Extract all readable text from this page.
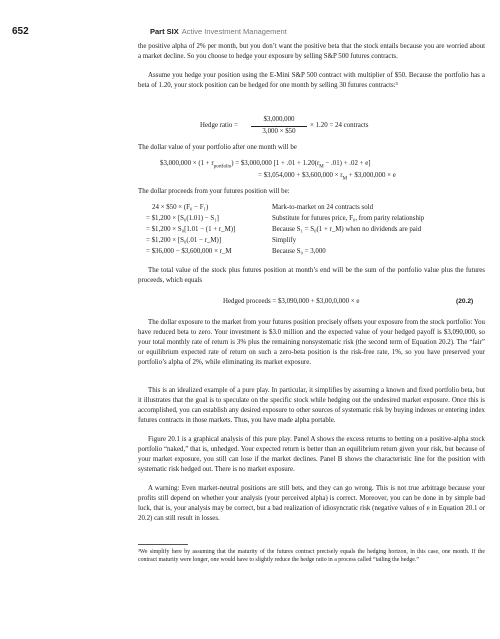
652	Part SIX Active Investment Management

the positive alpha of 2% per month, but you don’t want the positive beta that the stock entails because you are worried about a market decline. So you choose to hedge your exposure by selling S&P 500 futures contracts.

Assume you hedge your position using the E-Mini S&P 500 contract with multiplier of $50. Because the portfolio has a beta of 1.20, your stock position can be hedged for one month by selling 30 futures contracts:³

Hedge ratio =
$3,000,000
3,000 × $50
× 1.20 = 24 contracts

The dollar value of your portfolio after one month will be

$3,000,000 × $(1 + r_{portfolio})$ = $3,000,000 $[1 + .01 + 1.20(r_M - .01) + .02 + e]$
= $3,054,000 + $3,600,000 × $r_M$ + $3,000,000 × e

The dollar proceeds from your futures position will be:

24 × $50 × (F₀ − F₁)	Mark-to-market on 24 contracts sold
= $1,200 × [S₀(1.01) − S₁]	Substitute for futures price, F₀, from parity relationship
= $1,200 × S₀[1.01 − (1 + r_M)]	Because S₁ = S₀(1 + r_M) when no dividends are paid
= $1,200 × [S₀(.01 − r_M)]	Simplify
= $36,000 − $3,600,000 × r_M	Because S₀ = 3,000

The total value of the stock plus futures position at month’s end will be the sum of the portfolio value plus the futures proceeds, which equals

Hedged proceeds = $3,090,000 + $3,00,0,000 × e	(20.2)

The dollar exposure to the market from your futures position precisely offsets your exposure from the stock portfolio: You have reduced beta to zero. Your investment is $3.0 million and the expected value of your hedged payoff is $3,090,000, so your total monthly rate of return is 3% plus the remaining nonsystematic risk (the second term of Equation 20.2). The “fair” or equilibrium expected rate of return on such a zero-beta position is the risk-free rate, 1%, so you have preserved your portfolio’s alpha of 2%, while eliminating its market exposure.

This is an idealized example of a pure play. In particular, it simplifies by assuming a known and fixed portfolio beta, but it illustrates that the goal is to speculate on the specific stock while hedging out the undesired market exposure. Once this is accomplished, you can establish any desired exposure to other sources of systematic risk by buying indexes or entering index futures contracts in those markets. Thus, you have made alpha portable.

Figure 20.1 is a graphical analysis of this pure play. Panel A shows the excess returns to betting on a positive-alpha stock portfolio “naked,” that is, unhedged. Your expected return is better than an equilibrium return given your risk, but because of your market exposure, you still can lose if the market declines. Panel B shows the characteristic line for the position with systematic risk hedged out. There is no market exposure.

A warning: Even market-neutral positions are still bets, and they can go wrong. This is not true arbitrage because your profits still depend on whether your analysis (your perceived alpha) is correct. Moreover, you can be done in by simple bad luck, that is, your analysis may be correct, but a bad realization of idiosyncratic risk (negative values of e in Equation 20.1 or 20.2) can still result in losses.

³We simplify here by assuming that the maturity of the futures contract precisely equals the hedging horizon, in this case, one month. If the contract maturity were longer, one would have to slightly reduce the hedge ratio in a process called “tailing the hedge.”
